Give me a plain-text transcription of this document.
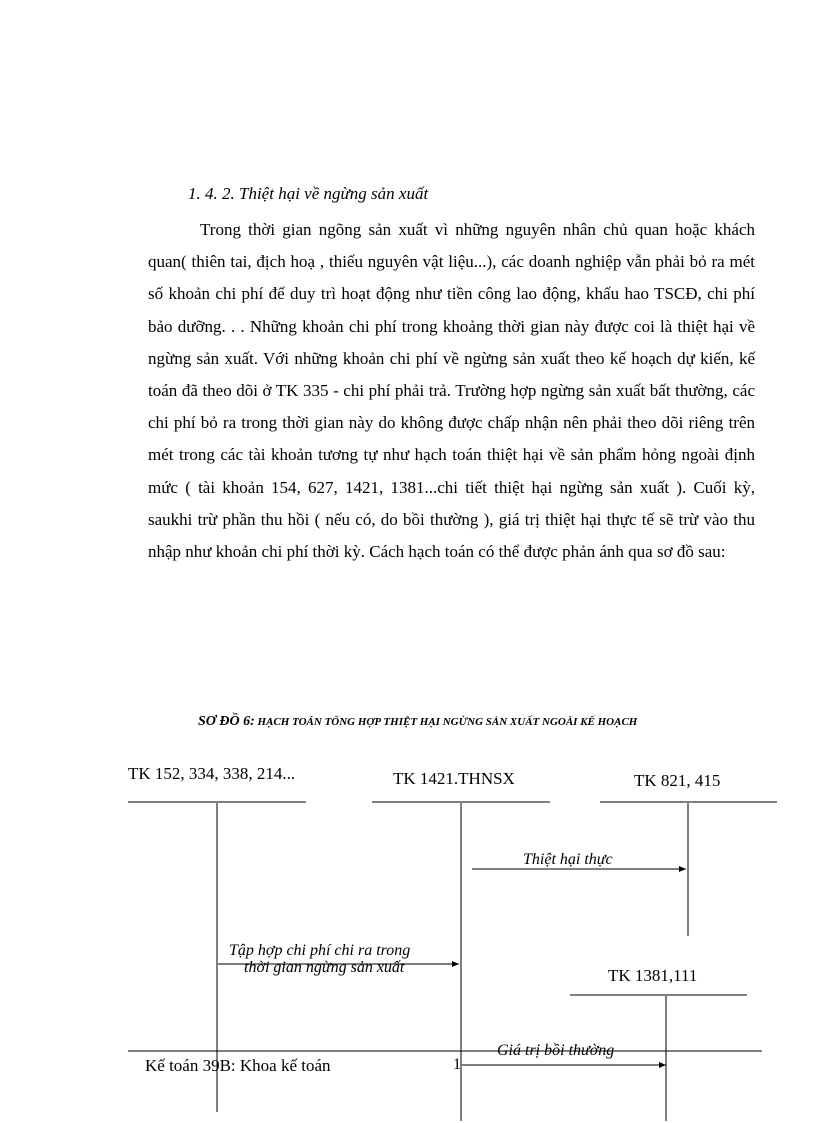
1. 4. 2. Thiệt hại về ngừng sản xuất

Trong thời gian ngõng sản xuất vì những nguyên nhân chủ quan hoặc khách quan( thiên tai, địch hoạ , thiếu nguyên vật liệu...), các doanh nghiệp vẫn phải bỏ ra mét số khoản chi phí để duy trì hoạt động như tiền công lao động, khấu hao TSCĐ, chi phí bảo dưỡng. . . Những khoản chi phí trong khoảng thời gian này được coi là thiệt hại về ngừng sản xuất. Với những khoản chi phí về ngừng sản xuất theo kế hoạch dự kiến, kế toán đã theo dõi ở TK 335 - chi phí phải trả. Trường hợp ngừng sản xuất bất thường, các chi phí bỏ ra trong thời gian này do không được chấp nhận nên phải theo dõi riêng trên mét trong các tài khoản tương tự như hạch toán thiệt hại về sản phẩm hỏng ngoài định mức ( tài khoản 154, 627, 1421, 1381...chi tiết thiệt hại ngừng sản xuất ). Cuối kỳ, saukhi trừ phần thu hồi ( nếu có, do bồi thường ), giá trị thiệt hại thực tế sẽ trừ vào thu nhập như khoản chi phí thời kỳ. Cách hạch toán có thể được phản ánh qua sơ đồ sau:

SƠ ĐỒ 6: HẠCH TOÁN TỔNG HỢP THIỆT HẠI NGỪNG SẢN XUẤT NGOÀI KẾ HOẠCH
TK 152, 334, 338, 214...	TK 1421.THNSX	TK 821, 415
TK 1381,111
Thiệt hại thực
Tập hợp chi phí chi ra trong
thời gian ngừng sản xuất
Giá trị bồi thường
Kế toán 39B: Khoa kế toán	1
